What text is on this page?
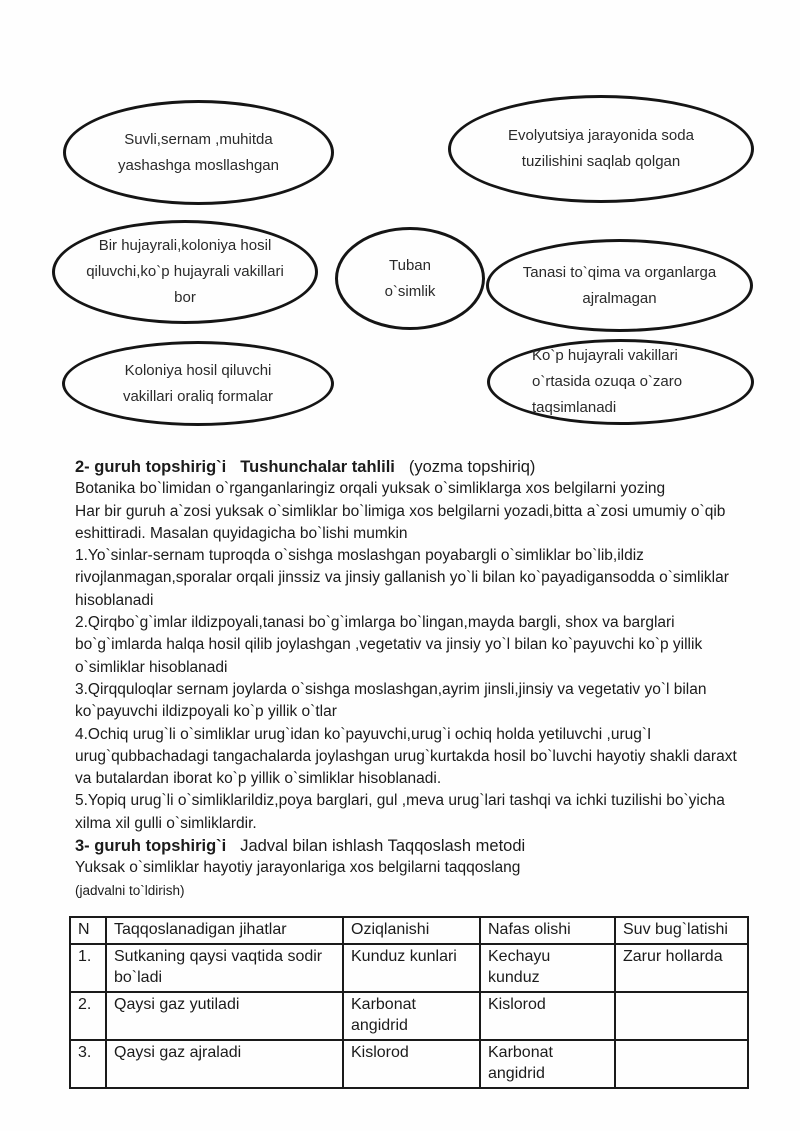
Suvli,sernam ,muhitda yashashga mosllashgan
Evolyutsiya jarayonida soda tuzilishini saqlab qolgan
Bir hujayrali,koloniya hosil qiluvchi,ko`p hujayrali vakillari bor
Tuban o`simlik
Tanasi to`qima va organlarga ajralmagan
Koloniya hosil qiluvchi vakillari oraliq formalar
Ko`p hujayrali vakillari o`rtasida ozuqa o`zaro taqsimlanadi

2- guruh topshirig`i Tushunchalar tahlili (yozma topshiriq)

Botanika bo`limidan o`rganganlaringiz orqali yuksak o`simliklarga xos belgilarni yozing

Har bir guruh a`zosi yuksak o`simliklar bo`limiga xos belgilarni yozadi,bitta a`zosi umumiy o`qib eshittiradi. Masalan quyidagicha bo`lishi mumkin

1.Yo`sinlar-sernam tuproqda o`sishga moslashgan poyabargli o`simliklar bo`lib,ildiz rivojlanmagan,sporalar orqali jinssiz va jinsiy gallanish yo`li bilan ko`payadigansodda o`simliklar hisoblanadi

2.Qirqbo`g`imlar ildizpoyali,tanasi bo`g`imlarga bo`lingan,mayda bargli, shox va barglari bo`g`imlarda halqa hosil qilib joylashgan ,vegetativ va jinsiy yo`l bilan ko`payuvchi ko`p yillik o`simliklar hisoblanadi

3.Qirqquloqlar sernam joylarda o`sishga moslashgan,ayrim jinsli,jinsiy va vegetativ yo`l bilan ko`payuvchi ildizpoyali ko`p yillik o`tlar

4.Ochiq urug`li o`simliklar urug`idan ko`payuvchi,urug`i ochiq holda yetiluvchi ,urug`I urug`qubbachadagi tangachalarda joylashgan urug`kurtakda hosil bo`luvchi hayotiy shakli daraxt va butalardan iborat ko`p yillik o`simliklar hisoblanadi.

5.Yopiq urug`li o`simliklarildiz,poya barglari, gul ,meva urug`lari tashqi va ichki tuzilishi bo`yicha xilma xil gulli o`simliklardir.

3- guruh topshirig`i Jadval bilan ishlash Taqqoslash metodi

Yuksak o`simliklar hayotiy jarayonlariga xos belgilarni taqqoslang

(jadvalni to`ldirish)

N	Taqqoslanadigan jihatlar	Oziqlanishi	Nafas olishi	Suv bug`latishi
1.	Sutkaning qaysi vaqtida sodir bo`ladi	Kunduz kunlari	Kechayu kunduz	Zarur hollarda
2.	Qaysi gaz yutiladi	Karbonat angidrid	Kislorod	
3.	Qaysi gaz ajraladi	Kislorod	Karbonat angidrid	
